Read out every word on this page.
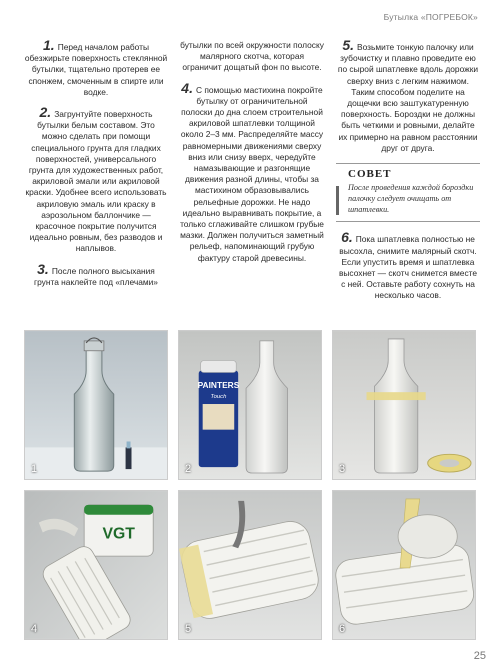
Бутылка «ПОГРЕБОК»

1. Перед началом работы обезжирьте поверхность стеклянной бутылки, тщательно протерев ее спонжем, смоченным в спирте или водке.

2. Загрунтуйте поверхность бутылки белым составом. Это можно сделать при помощи специального грунта для гладких поверхностей, универсального грунта для художественных работ, акриловой эмали или акриловой краски. Удобнее всего использовать акриловую эмаль или краску в аэрозольном баллончике — красочное покрытие получится идеально ровным, без разводов и наплывов.

3. После полного высыхания грунта наклейте под «плечами»

бутылки по всей окружности полоску малярного скотча, которая ограничит дощатый фон по высоте.

4. С помощью мастихина покройте бутылку от ограничительной полоски до дна слоем строительной акриловой шпатлевки толщиной около 2–3 мм. Распределяйте массу равномерными движениями сверху вниз или снизу вверх, чередуйте намазывающие и разгонящие движения разной длины, чтобы за мастихином образовывались рельефные дорожки. Не надо идеально выравнивать покрытие, а только сглаживайте слишком грубые мазки. Должен получиться заметный рельеф, напоминающий грубую фактуру старой древесины.

5. Возьмите тонкую палочку или зубочистку и плавно проведите ею по сырой шпатлевке вдоль дорожки сверху вниз с легким нажимом. Таким способом поделите на дощечки всю заштукатуренную поверхность. Бороздки не должны быть четкими и ровными, делайте их примерно на равном расстоянии друг от друга.

СОВЕТ
После проведения каждой бороздки палочку следует очищать от шпатлевки.

6. Пока шпатлевка полностью не высохла, снимите малярный скотч. Если упустить время и шпатлевка высохнет — скотч снимется вместе с ней. Оставьте работу сохнуть на несколько часов.

1
PAINTERS
Touch
2	3
VGT
4	5	6
25
